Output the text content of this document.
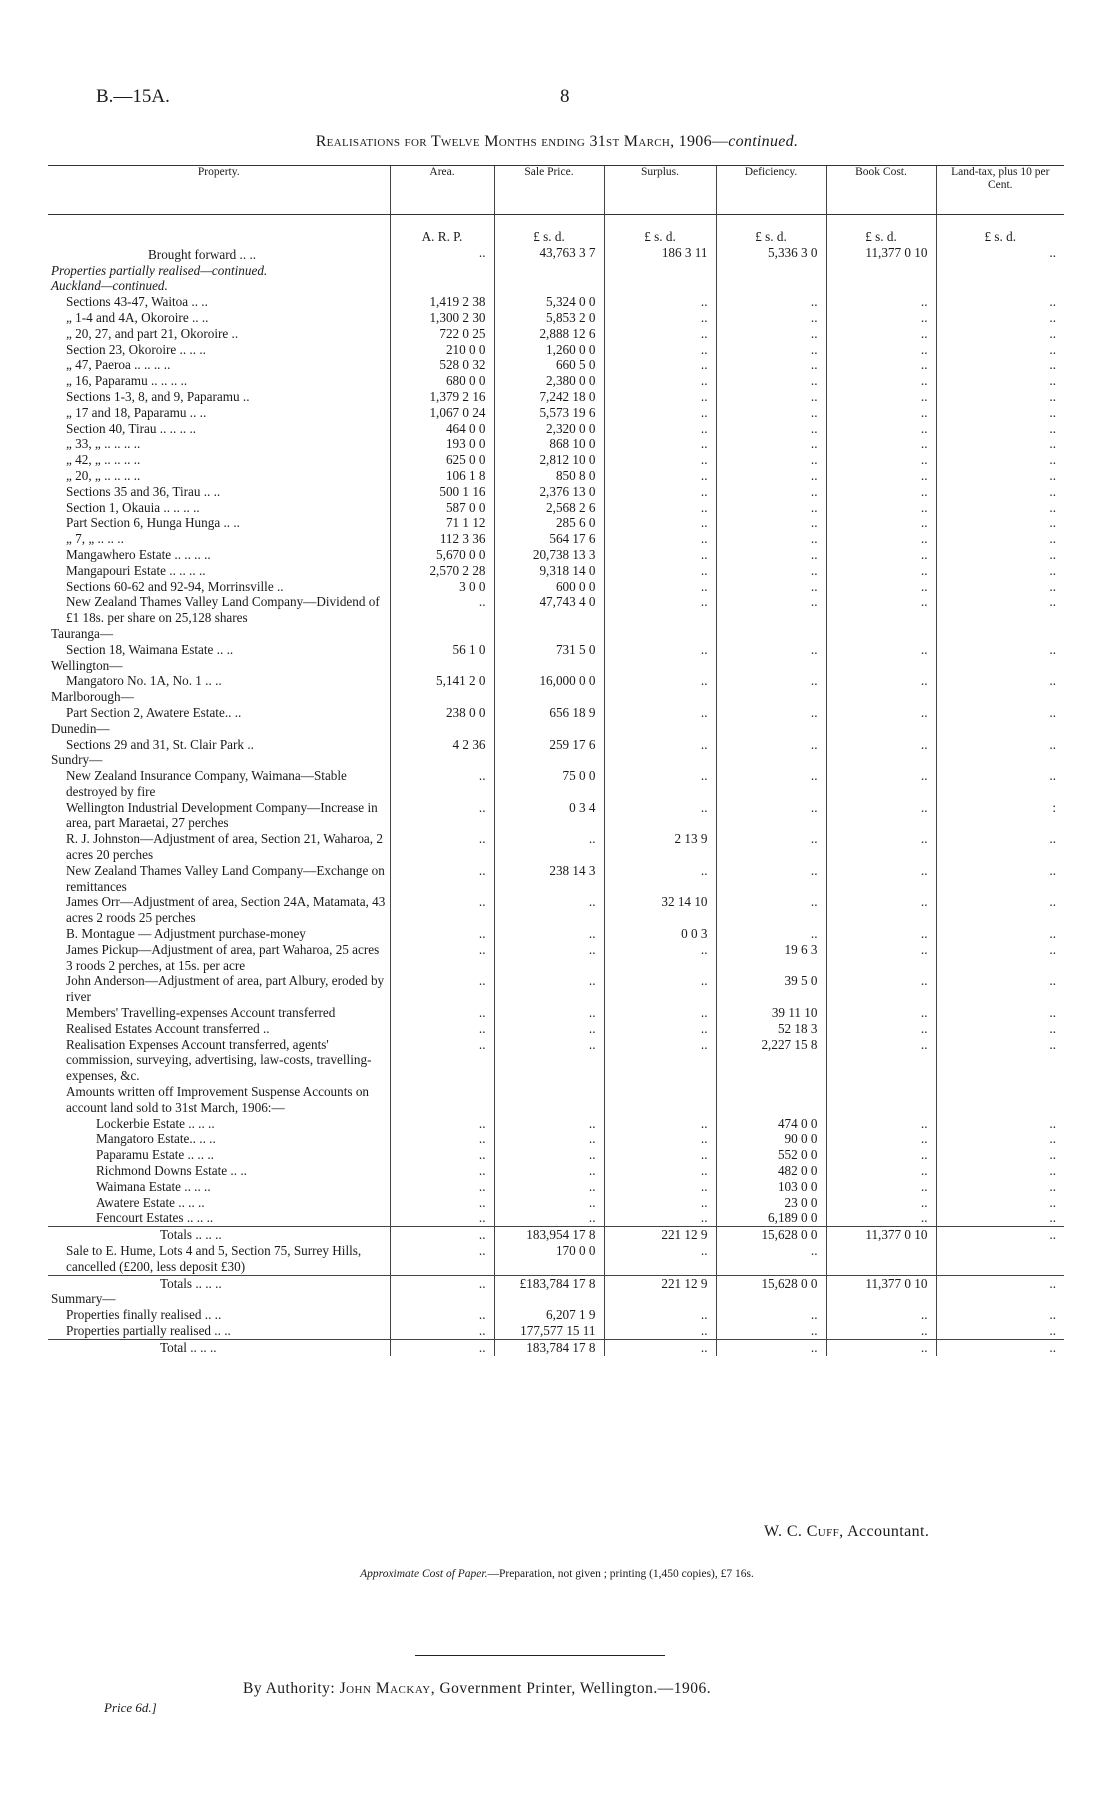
B.—15A.	8
Realisations for Twelve Months ending 31st March, 1906—continued.
Property.	Area.	Sale Price.	Surplus.	Deficiency.	Book Cost.	Land-tax, plus 10 per Cent.
	A. R. P.	£ s. d.	£ s. d.	£ s. d.	£ s. d.	£ s. d.
Brought forward .. ..	..	43,763 3 7	186 3 11	5,336 3 0	11,377 0 10	..
Properties partially realised—continued.						
Auckland—continued.						
Sections 43-47, Waitoa .. ..	1,419 2 38	5,324 0 0	..	..	..	..
„ 1-4 and 4A, Okoroire .. ..	1,300 2 30	5,853 2 0	..	..	..	..
„ 20, 27, and part 21, Okoroire ..	722 0 25	2,888 12 6	..	..	..	..
Section 23, Okoroire .. .. ..	210 0 0	1,260 0 0	..	..	..	..
„ 47, Paeroa .. .. .. ..	528 0 32	660 5 0	..	..	..	..
„ 16, Paparamu .. .. .. ..	680 0 0	2,380 0 0	..	..	..	..
Sections 1-3, 8, and 9, Paparamu ..	1,379 2 16	7,242 18 0	..	..	..	..
„ 17 and 18, Paparamu .. ..	1,067 0 24	5,573 19 6	..	..	..	..
Section 40, Tirau .. .. .. ..	464 0 0	2,320 0 0	..	..	..	..
„ 33, „ .. .. .. ..	193 0 0	868 10 0	..	..	..	..
„ 42, „ .. .. .. ..	625 0 0	2,812 10 0	..	..	..	..
„ 20, „ .. .. .. ..	106 1 8	850 8 0	..	..	..	..
Sections 35 and 36, Tirau .. ..	500 1 16	2,376 13 0	..	..	..	..
Section 1, Okauia .. .. .. ..	587 0 0	2,568 2 6	..	..	..	..
Part Section 6, Hunga Hunga .. ..	71 1 12	285 6 0	..	..	..	..
„ 7, „ .. .. ..	112 3 36	564 17 6	..	..	..	..
Mangawhero Estate .. .. .. ..	5,670 0 0	20,738 13 3	..	..	..	..
Mangapouri Estate .. .. .. ..	2,570 2 28	9,318 14 0	..	..	..	..
Sections 60-62 and 92-94, Morrinsville ..	3 0 0	600 0 0	..	..	..	..
New Zealand Thames Valley Land Company—Dividend of £1 18s. per share on 25,128 shares	..	47,743 4 0	..	..	..	..
Tauranga—						
Section 18, Waimana Estate .. ..	56 1 0	731 5 0	..	..	..	..
Wellington—						
Mangatoro No. 1A, No. 1 .. ..	5,141 2 0	16,000 0 0	..	..	..	..
Marlborough—						
Part Section 2, Awatere Estate.. ..	238 0 0	656 18 9	..	..	..	..
Dunedin—						
Sections 29 and 31, St. Clair Park ..	4 2 36	259 17 6	..	..	..	..
Sundry—						
New Zealand Insurance Company, Waimana—Stable destroyed by fire	..	75 0 0	..	..	..	..
Wellington Industrial Development Company—Increase in area, part Maraetai, 27 perches	..	0 3 4	..	..	..	:
R. J. Johnston—Adjustment of area, Section 21, Waharoa, 2 acres 20 perches	..	..	2 13 9	..	..	..
New Zealand Thames Valley Land Company—Exchange on remittances	..	238 14 3	..	..	..	..
James Orr—Adjustment of area, Section 24A, Matamata, 43 acres 2 roods 25 perches	..	..	32 14 10	..	..	..
B. Montague — Adjustment purchase-money	..	..	0 0 3	..	..	..
James Pickup—Adjustment of area, part Waharoa, 25 acres 3 roods 2 perches, at 15s. per acre	..	..	..	19 6 3	..	..
John Anderson—Adjustment of area, part Albury, eroded by river	..	..	..	39 5 0	..	..
Members' Travelling-expenses Account transferred	..	..	..	39 11 10	..	..
Realised Estates Account transferred ..	..	..	..	52 18 3	..	..
Realisation Expenses Account transferred, agents' commission, surveying, advertising, law-costs, travelling-expenses, &c.	..	..	..	2,227 15 8	..	..
Amounts written off Improvement Suspense Accounts on account land sold to 31st March, 1906:—						
Lockerbie Estate .. .. ..	..	..	..	474 0 0	..	..
Mangatoro Estate.. .. ..	..	..	..	90 0 0	..	..
Paparamu Estate .. .. ..	..	..	..	552 0 0	..	..
Richmond Downs Estate .. ..	..	..	..	482 0 0	..	..
Waimana Estate .. .. ..	..	..	..	103 0 0	..	..
Awatere Estate .. .. ..	..	..	..	23 0 0	..	..
Fencourt Estates .. .. ..	..	..	..	6,189 0 0	..	..
Totals .. .. ..	..	183,954 17 8	221 12 9	15,628 0 0	11,377 0 10	..
Sale to E. Hume, Lots 4 and 5, Section 75, Surrey Hills, cancelled (£200, less deposit £30)	..	170 0 0	..	..		
Totals .. .. ..	..	£183,784 17 8	221 12 9	15,628 0 0	11,377 0 10	..
Summary—						
Properties finally realised .. ..	..	6,207 1 9	..	..	..	..
Properties partially realised .. ..	..	177,577 15 11	..	..	..	..
Total .. .. ..	..	183,784 17 8	..	..	..	..
W. C. Cuff, Accountant.
Approximate Cost of Paper.—Preparation, not given ; printing (1,450 copies), £7 16s.
By Authority: John Mackay, Government Printer, Wellington.—1906.
Price 6d.]
